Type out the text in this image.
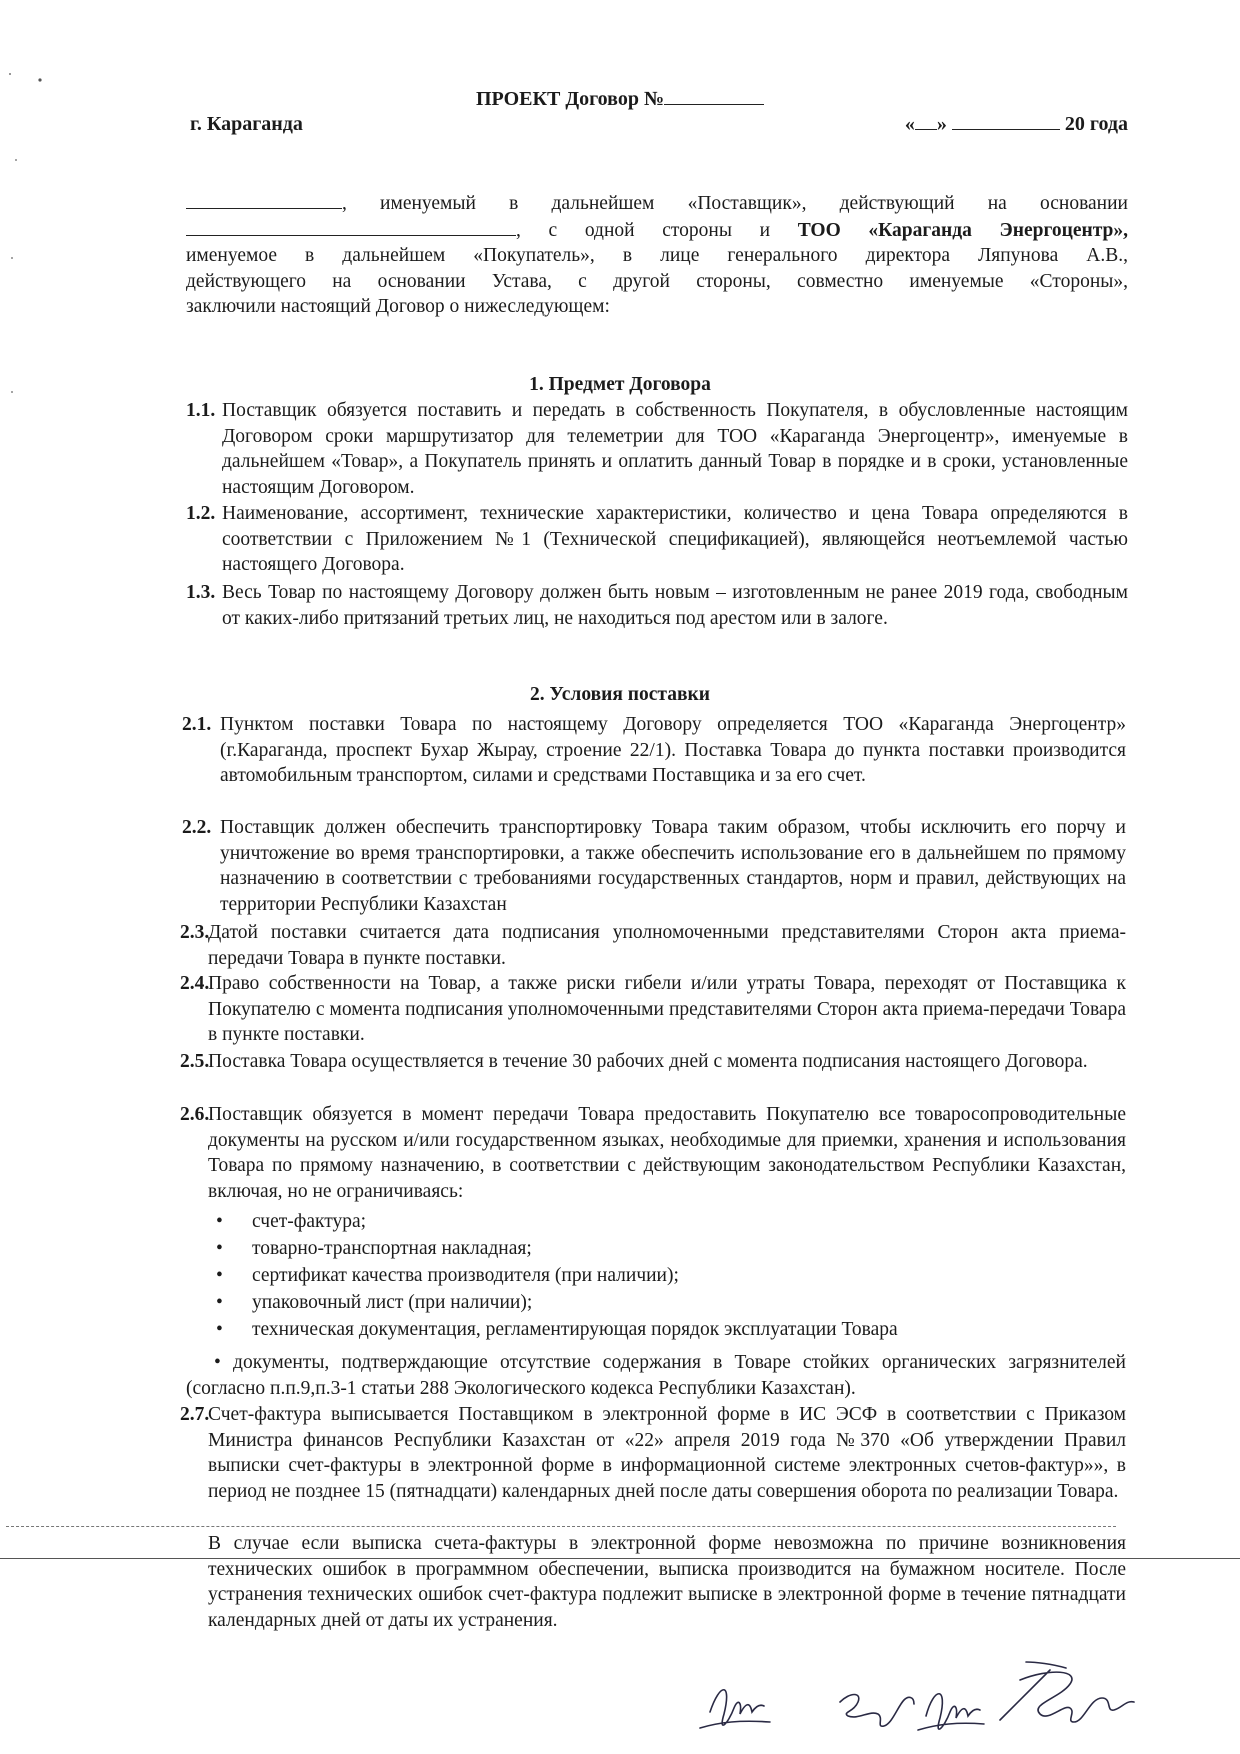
ПРОЕКТ Договор №
г. Караганда	« »	20 года
, именуемый в дальнейшем «Поставщик», действующий на основании
, с одной стороны и ТОО «Караганда Энергоцентр»,
именуемое в дальнейшем «Покупатель», в лице генерального директора Ляпунова А.В.,
действующего на основании Устава, с другой стороны, совместно именуемые «Стороны»,
заключили настоящий Договор о нижеследующем:
1. Предмет Договора
1.1. Поставщик обязуется поставить и передать в собственность Покупателя, в обусловленные настоящим Договором сроки маршрутизатор для телеметрии для ТОО «Караганда Энергоцентр», именуемые в дальнейшем «Товар», а Покупатель принять и оплатить данный Товар в порядке и в сроки, установленные настоящим Договором.
1.2. Наименование, ассортимент, технические характеристики, количество и цена Товара определяются в соответствии с Приложением №1 (Технической спецификацией), являющейся неотъемлемой частью настоящего Договора.
1.3. Весь Товар по настоящему Договору должен быть новым – изготовленным не ранее 2019 года, свободным от каких-либо притязаний третьих лиц, не находиться под арестом или в залоге.
2. Условия поставки
2.1. Пунктом поставки Товара по настоящему Договору определяется ТОО «Караганда Энергоцентр» (г.Караганда, проспект Бухар Жырау, строение 22/1). Поставка Товара до пункта поставки производится автомобильным транспортом, силами и средствами Поставщика и за его счет.
2.2. Поставщик должен обеспечить транспортировку Товара таким образом, чтобы исключить его порчу и уничтожение во время транспортировки, а также обеспечить использование его в дальнейшем по прямому назначению в соответствии с требованиями государственных стандартов, норм и правил, действующих на территории Республики Казахстан
2.3.
Датой поставки считается дата подписания уполномоченными представителями Сторон акта приема-передачи Товара в пункте поставки.
2.4.
Право собственности на Товар, а также риски гибели и/или утраты Товара, переходят от Поставщика к Покупателю с момента подписания уполномоченными представителями Сторон акта приема-передачи Товара в пункте поставки.
2.5.
Поставка Товара осуществляется в течение 30 рабочих дней с момента подписания настоящего Договора.
2.6.
Поставщик обязуется в момент передачи Товара предоставить Покупателю все товаросопроводительные документы на русском и/или государственном языках, необходимые для приемки, хранения и использования Товара по прямому назначению, в соответствии с действующим законодательством Республики Казахстан, включая, но не ограничиваясь:
• счет-фактура;
• товарно-транспортная накладная;
• сертификат качества производителя (при наличии);
• упаковочный лист (при наличии);
• техническая документация, регламентирующая порядок эксплуатации Товара
• документы, подтверждающие отсутствие содержания в Товаре стойких органических загрязнителей (согласно п.п.9,п.3-1 статьи 288 Экологического кодекса Республики Казахстан).
2.7.
Счет-фактура выписывается Поставщиком в электронной форме в ИС ЭСФ в соответствии с Приказом Министра финансов Республики Казахстан от «22» апреля 2019 года №370 «Об утверждении Правил выписки счет-фактуры в электронной форме в информационной системе электронных счетов-фактур»», в период не позднее 15 (пятнадцати) календарных дней после даты совершения оборота по реализации Товара.
В случае если выписка счета-фактуры в электронной форме невозможна по причине возникновения технических ошибок в программном обеспечении, выписка производится на бумажном носителе. После устранения технических ошибок счет-фактура подлежит выписке в электронной форме в течение пятнадцати календарных дней от даты их устранения.
